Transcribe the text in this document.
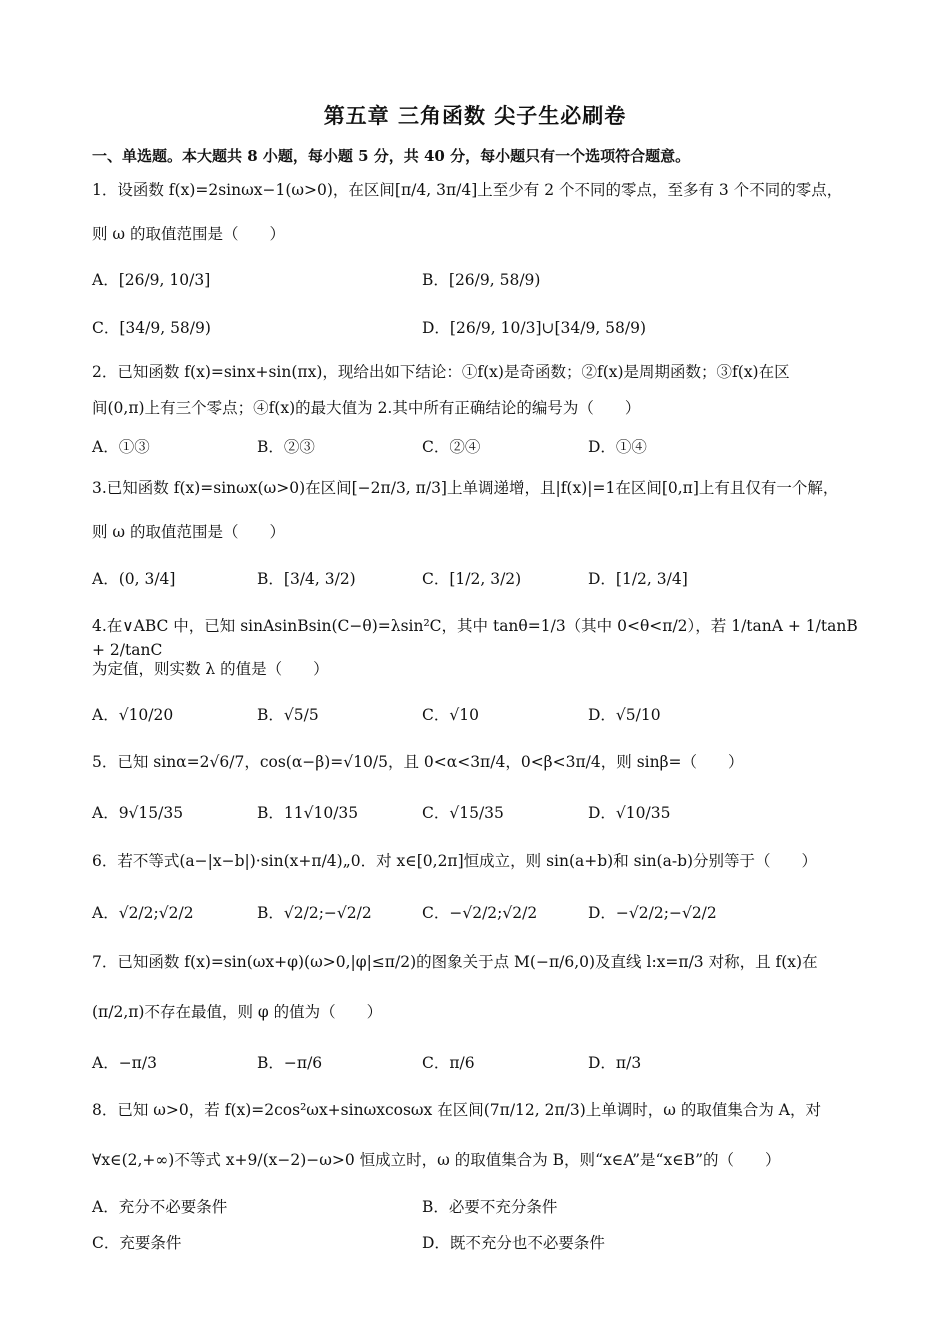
第五章 三角函数 尖子生必刷卷
一、单选题。本大题共 8 小题，每小题 5 分，共 40 分，每小题只有一个选项符合题意。
1．设函数 f(x)=2sinωx−1(ω>0)，在区间[π/4, 3π/4]上至少有 2 个不同的零点，至多有 3 个不同的零点，
则 ω 的取值范围是（　　）
A．[26/9, 10/3]	B．[26/9, 58/9)
C．[34/9, 58/9)	D．[26/9, 10/3]∪[34/9, 58/9)
2．已知函数 f(x)=sinx+sin(πx)，现给出如下结论：①f(x)是奇函数；②f(x)是周期函数；③f(x)在区
间(0,π)上有三个零点；④f(x)的最大值为 2.其中所有正确结论的编号为（　　）
A．①③	B．②③	C．②④	D．①④
3.已知函数 f(x)=sinωx(ω>0)在区间[−2π/3, π/3]上单调递增，且|f(x)|=1在区间[0,π]上有且仅有一个解，
则 ω 的取值范围是（　　）
A．(0, 3/4]	B．[3/4, 3/2)	C．[1/2, 3/2)	D．[1/2, 3/4]
4.在∨ABC 中，已知 sinAsinBsin(C−θ)=λsin²C，其中 tanθ=1/3（其中 0<θ<π/2），若 1/tanA + 1/tanB + 2/tanC
为定值，则实数 λ 的值是（　　）
A．√10/20	B．√5/5	C．√10	D．√5/10
5．已知 sinα=2√6/7，cos(α−β)=√10/5，且 0<α<3π/4，0<β<3π/4，则 sinβ=（　　）
A．9√15/35	B．11√10/35	C．√15/35	D．√10/35
6．若不等式(a−|x−b|)·sin(x+π/4)„0．对 x∈[0,2π]恒成立，则 sin(a+b)和 sin(a-b)分别等于（　　）
A．√2/2;√2/2	B．√2/2;−√2/2	C．−√2/2;√2/2	D．−√2/2;−√2/2
7．已知函数 f(x)=sin(ωx+φ)(ω>0,|φ|≤π/2)的图象关于点 M(−π/6,0)及直线 l:x=π/3 对称，且 f(x)在
(π/2,π)不存在最值，则 φ 的值为（　　）
A．−π/3	B．−π/6	C．π/6	D．π/3
8．已知 ω>0，若 f(x)=2cos²ωx+sinωxcosωx 在区间(7π/12, 2π/3)上单调时，ω 的取值集合为 A，对
∀x∈(2,+∞)不等式 x+9/(x−2)−ω>0 恒成立时，ω 的取值集合为 B，则“x∈A”是“x∈B”的（　　）
A．充分不必要条件	B．必要不充分条件
C．充要条件	D．既不充分也不必要条件
